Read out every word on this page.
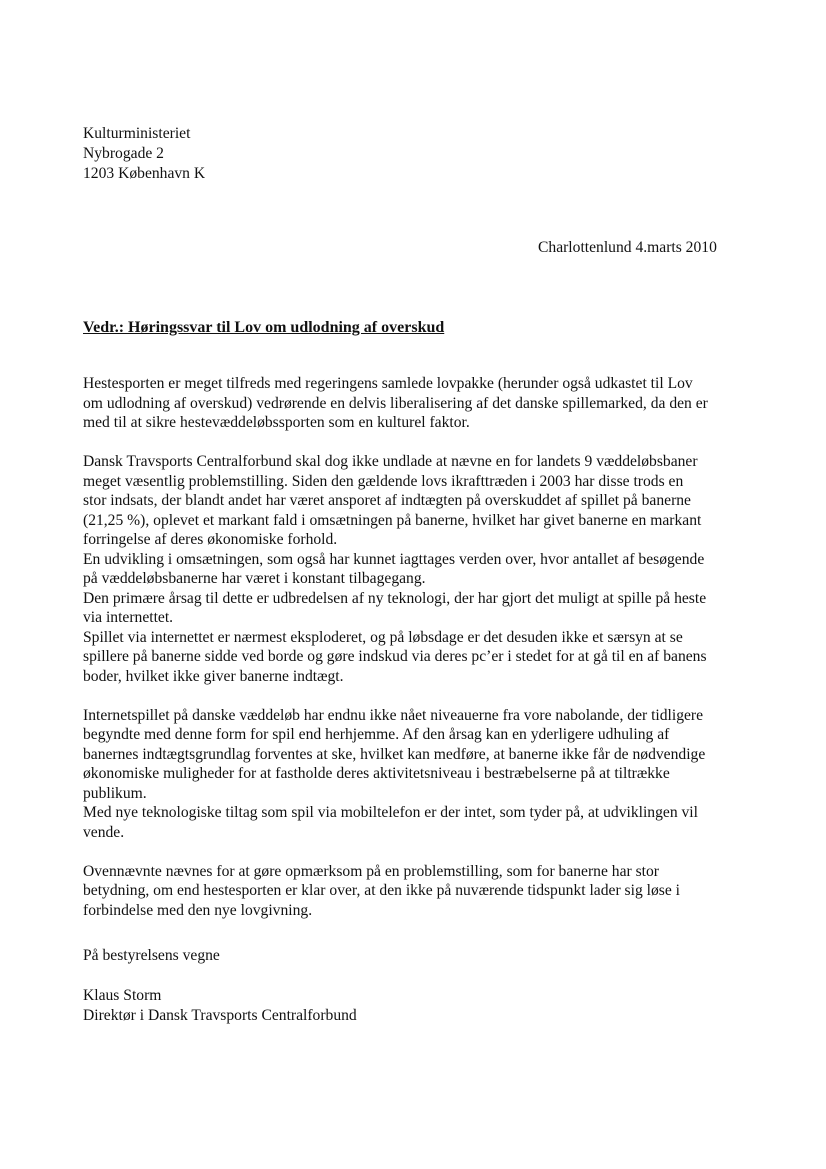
Kulturministeriet
Nybrogade 2
1203 København K
Charlottenlund 4.marts 2010
Vedr.: Høringssvar til Lov om udlodning af overskud
Hestesporten er meget tilfreds med regeringens samlede lovpakke (herunder også udkastet til Lov
om udlodning af overskud) vedrørende en delvis liberalisering af det danske spillemarked, da den er
med til at sikre hestevæddeløbssporten som en kulturel faktor.
Dansk Travsports Centralforbund skal dog ikke undlade at nævne en for landets 9 væddeløbsbaner
meget væsentlig problemstilling. Siden den gældende lovs ikrafttræden i 2003 har disse trods en
stor indsats, der blandt andet har været ansporet af indtægten på overskuddet af spillet på banerne
(21,25 %), oplevet et markant fald i omsætningen på banerne, hvilket har givet banerne en markant
forringelse af deres økonomiske forhold.
En udvikling i omsætningen, som også har kunnet iagttages verden over, hvor antallet af besøgende
på væddeløbsbanerne har været i konstant tilbagegang.
Den primære årsag til dette er udbredelsen af ny teknologi, der har gjort det muligt at spille på heste
via internettet.
Spillet via internettet er nærmest eksploderet, og på løbsdage er det desuden ikke et særsyn at se
spillere på banerne sidde ved borde og gøre indskud via deres pc’er i stedet for at gå til en af banens
boder, hvilket ikke giver banerne indtægt.
Internetspillet på danske væddeløb har endnu ikke nået niveauerne fra vore nabolande, der tidligere
begyndte med denne form for spil end herhjemme. Af den årsag kan en yderligere udhuling af
banernes indtægtsgrundlag forventes at ske, hvilket kan medføre, at banerne ikke får de nødvendige
økonomiske muligheder for at fastholde deres aktivitetsniveau i bestræbelserne på at tiltrække
publikum.
Med nye teknologiske tiltag som spil via mobiltelefon er der intet, som tyder på, at udviklingen vil
vende.
Ovennævnte nævnes for at gøre opmærksom på en problemstilling, som for banerne har stor
betydning, om end hestesporten er klar over, at den ikke på nuværende tidspunkt lader sig løse i
forbindelse med den nye lovgivning.
På bestyrelsens vegne
Klaus Storm
Direktør i Dansk Travsports Centralforbund
